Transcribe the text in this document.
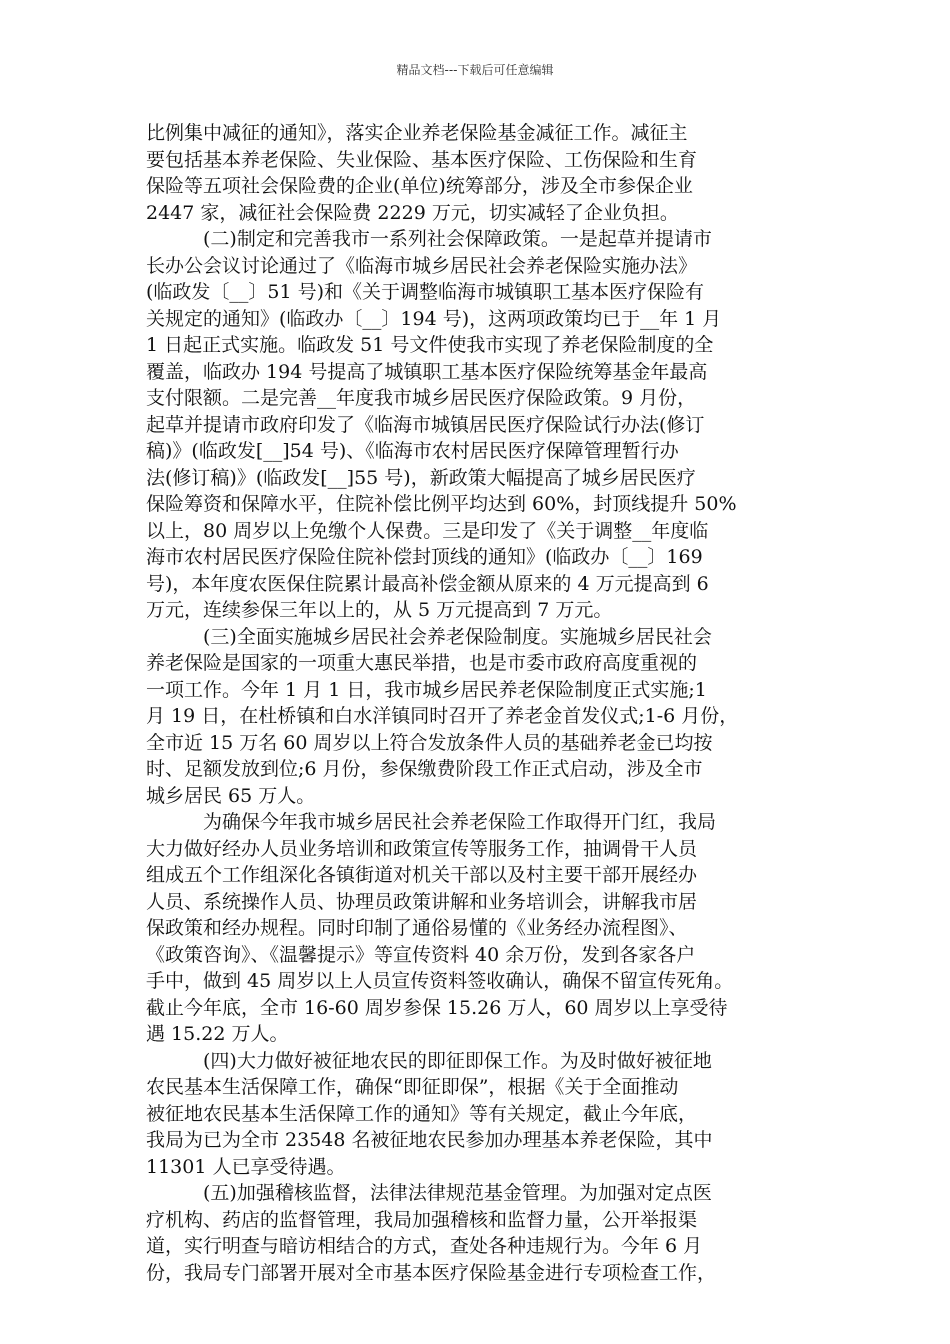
精品文档---下载后可任意编辑

比例集中减征的通知》，落实企业养老保险基金减征工作。减征主

要包括基本养老保险、失业保险、基本医疗保险、工伤保险和生育

保险等五项社会保险费的企业(单位)统筹部分，涉及全市参保企业

2447 家，减征社会保险费 2229 万元，切实减轻了企业负担。

(二)制定和完善我市一系列社会保障政策。一是起草并提请市

长办公会议讨论通过了《临海市城乡居民社会养老保险实施办法》

(临政发〔__〕51 号)和《关于调整临海市城镇职工基本医疗保险有

关规定的通知》(临政办〔__〕194 号)，这两项政策均已于__年 1 月

1 日起正式实施。临政发 51 号文件使我市实现了养老保险制度的全

覆盖，临政办 194 号提高了城镇职工基本医疗保险统筹基金年最高

支付限额。二是完善__年度我市城乡居民医疗保险政策。9 月份，

起草并提请市政府印发了《临海市城镇居民医疗保险试行办法(修订

稿)》(临政发[__]54 号)、《临海市农村居民医疗保障管理暂行办

法(修订稿)》(临政发[__]55 号)，新政策大幅提高了城乡居民医疗

保险筹资和保障水平，住院补偿比例平均达到 60%，封顶线提升 50%

以上，80 周岁以上免缴个人保费。三是印发了《关于调整__年度临

海市农村居民医疗保险住院补偿封顶线的通知》(临政办〔__〕169

号)，本年度农医保住院累计最高补偿金额从原来的 4 万元提高到 6

万元，连续参保三年以上的，从 5 万元提高到 7 万元。

(三)全面实施城乡居民社会养老保险制度。实施城乡居民社会

养老保险是国家的一项重大惠民举措，也是市委市政府高度重视的

一项工作。今年 1 月 1 日，我市城乡居民养老保险制度正式实施;1

月 19 日，在杜桥镇和白水洋镇同时召开了养老金首发仪式;1-6 月份，

全市近 15 万名 60 周岁以上符合发放条件人员的基础养老金已均按

时、足额发放到位;6 月份，参保缴费阶段工作正式启动，涉及全市

城乡居民 65 万人。

为确保今年我市城乡居民社会养老保险工作取得开门红，我局

大力做好经办人员业务培训和政策宣传等服务工作，抽调骨干人员

组成五个工作组深化各镇街道对机关干部以及村主要干部开展经办

人员、系统操作人员、协理员政策讲解和业务培训会，讲解我市居

保政策和经办规程。同时印制了通俗易懂的《业务经办流程图》、

《政策咨询》、《温馨提示》等宣传资料 40 余万份，发到各家各户

手中，做到 45 周岁以上人员宣传资料签收确认，确保不留宣传死角。

截止今年底，全市 16-60 周岁参保 15.26 万人，60 周岁以上享受待

遇 15.22 万人。

(四)大力做好被征地农民的即征即保工作。为及时做好被征地

农民基本生活保障工作，确保“即征即保”，根据《关于全面推动

被征地农民基本生活保障工作的通知》等有关规定，截止今年底，

我局为已为全市 23548 名被征地农民参加办理基本养老保险，其中

11301 人已享受待遇。

(五)加强稽核监督，法律法律规范基金管理。为加强对定点医

疗机构、药店的监督管理，我局加强稽核和监督力量，公开举报渠

道，实行明查与暗访相结合的方式，查处各种违规行为。今年 6 月

份，我局专门部署开展对全市基本医疗保险基金进行专项检查工作，
